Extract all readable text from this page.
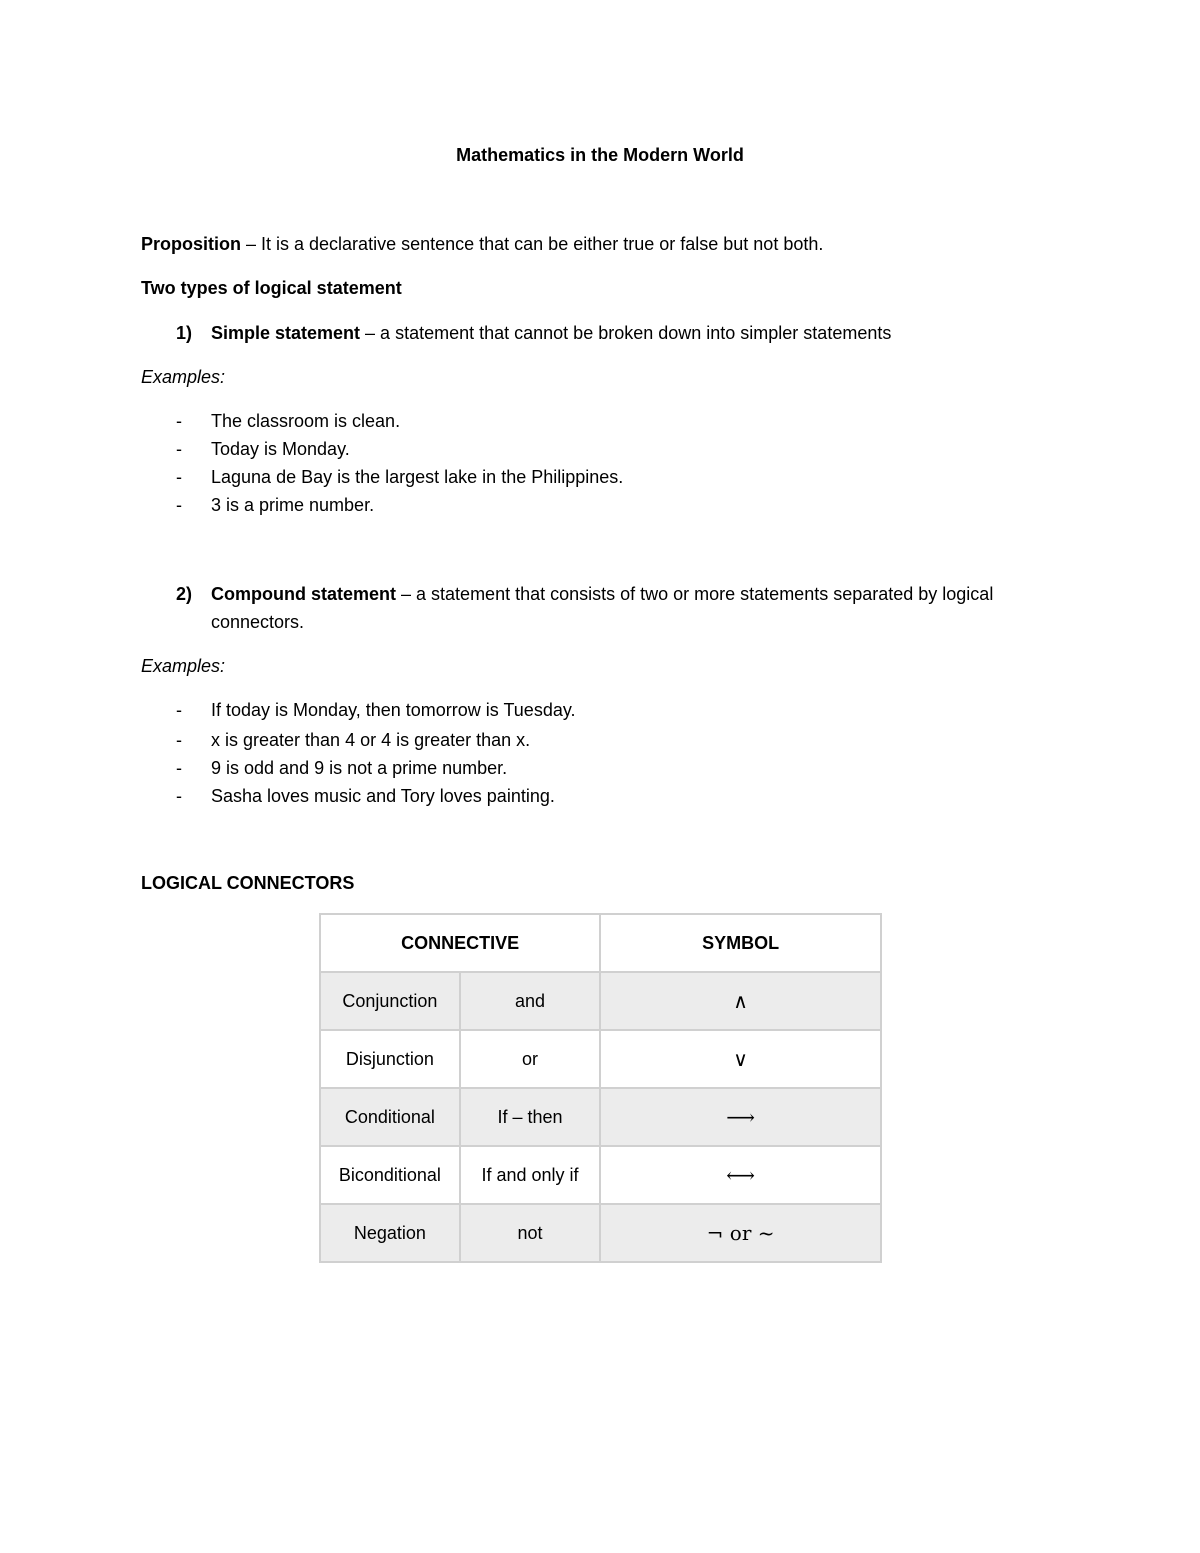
Mathematics in the Modern World
Proposition – It is a declarative sentence that can be either true or false but not both.
Two types of logical statement
1) Simple statement – a statement that cannot be broken down into simpler statements
Examples:
-	The classroom is clean.
-	Today is Monday.
-	Laguna de Bay is the largest lake in the Philippines.
-	3 is a prime number.
2) Compound statement – a statement that consists of two or more statements separated by logical
connectors.
Examples:
-	If today is Monday, then tomorrow is Tuesday.
-	x is greater than 4 or 4 is greater than x.
-	9 is odd and 9 is not a prime number.
-	Sasha loves music and Tory loves painting.
LOGICAL CONNECTORS
CONNECTIVE		SYMBOL
Conjunction	and	∧
Disjunction	or	∨
Conditional	If – then	⟶
Biconditional	If and only if	⟷
Negation	not	¬ or ~
